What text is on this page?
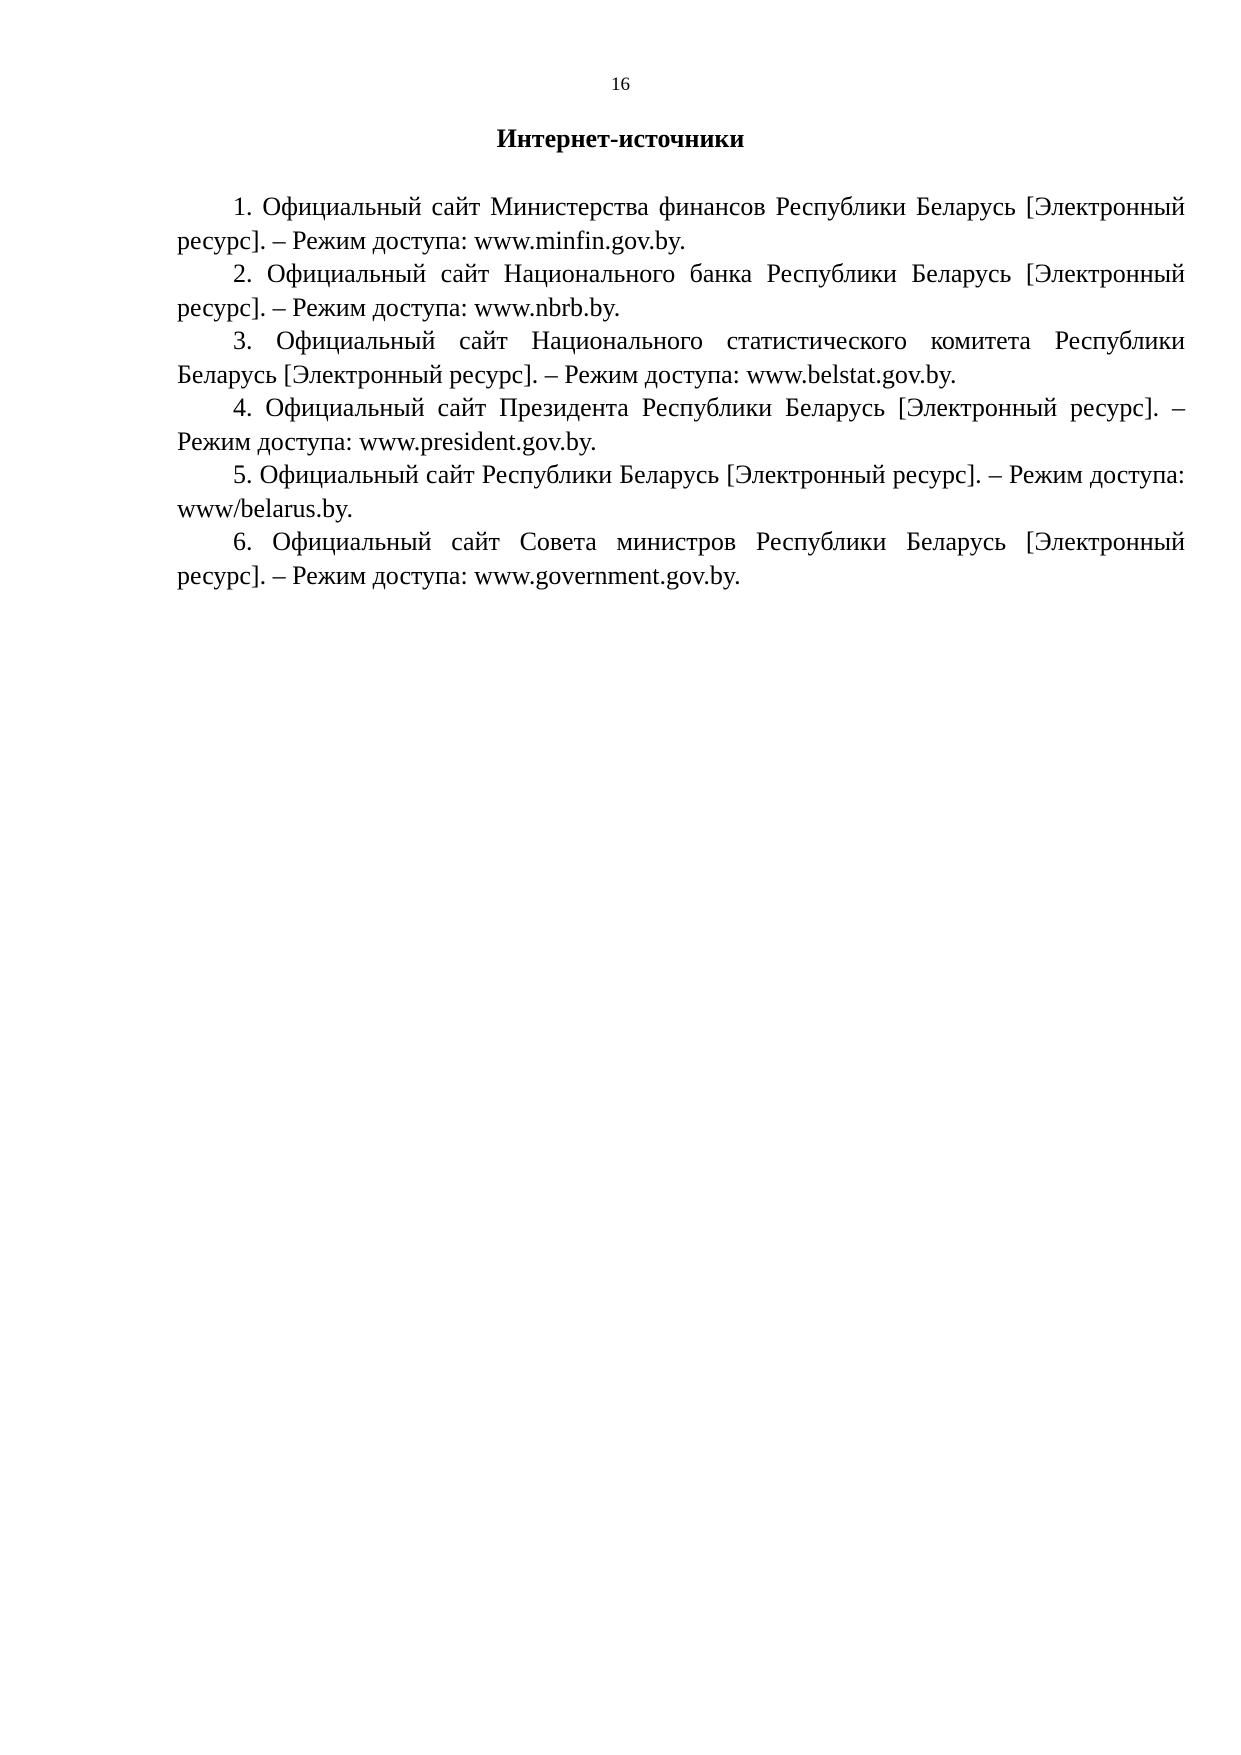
16
Интернет-источники
1. Официальный сайт Министерства финансов Республики Беларусь [Электронный ресурс]. – Режим доступа: www.minfin.gov.by.
2. Официальный сайт Национального банка Республики Беларусь [Электронный ресурс]. – Режим доступа: www.nbrb.by.
3. Официальный сайт Национального статистического комитета Республики Беларусь [Электронный ресурс]. – Режим доступа: www.belstat.gov.by.
4. Официальный сайт Президента Республики Беларусь [Электронный ресурс]. – Режим доступа: www.president.gov.by.
5. Официальный сайт Республики Беларусь [Электронный ресурс]. – Режим доступа: www/belarus.by.
6. Официальный сайт Совета министров Республики Беларусь [Электронный ресурс]. – Режим доступа: www.government.gov.by.
